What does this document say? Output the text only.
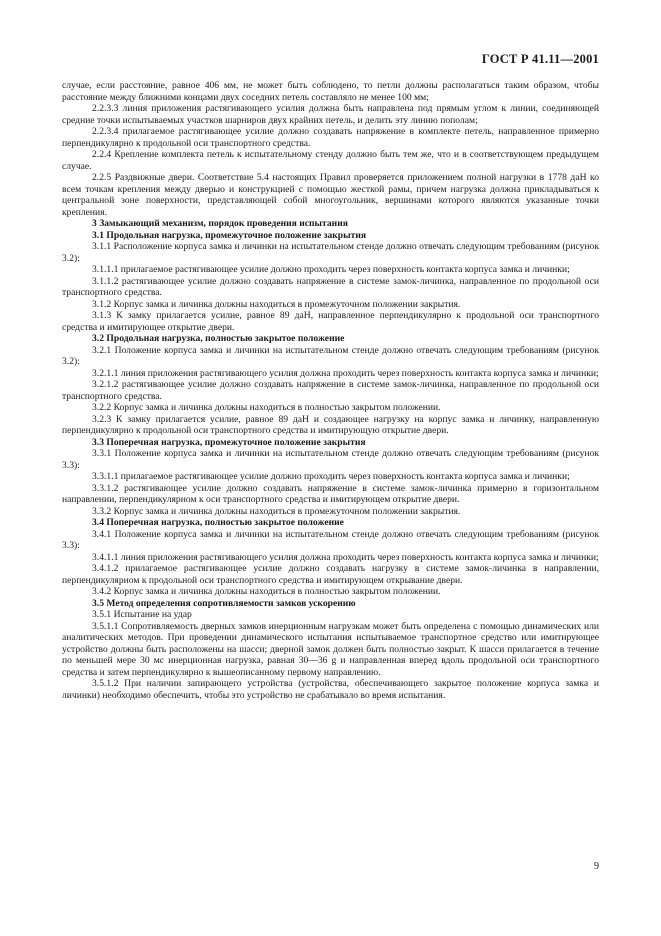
ГОСТ Р 41.11—2001

случае, если расстояние, равное 406 мм, не может быть соблюдено, то петли должны располагаться таким образом, чтобы расстояние между ближними концами двух соседних петель составляло не менее 100 мм;

2.2.3.3 линия приложения растягивающего усилия должна быть направлена под прямым углом к линии, соединяющей средние точки испытываемых участков шарниров двух крайних петель, и делить эту линию пополам;

2.2.3.4 прилагаемое растягивающее усилие должно создавать напряжение в комплекте петель, направленное примерно перпендикулярно к продольной оси транспортного средства.

2.2.4 Крепление комплекта петель к испытательному стенду должно быть тем же, что и в соответствующем предыдущем случае.

2.2.5 Раздвижные двери. Соответствие 5.4 настоящих Правил проверяется приложением полной нагрузки в 1778 даН ко всем точкам крепления между дверью и конструкцией с помощью жесткой рамы, причем нагрузка должна прикладываться к центральной зоне поверхности, представляющей собой многоугольник, вершинами которого являются указанные точки крепления.

3 Замыкающий механизм, порядок проведения испытания

3.1 Продольная нагрузка, промежуточное положение закрытия

3.1.1 Расположение корпуса замка и личинки на испытательном стенде должно отвечать следующим требованиям (рисунок 3.2):

3.1.1.1 прилагаемое растягивающее усилие должно проходить через поверхность контакта корпуса замка и личинки;

3.1.1.2 растягивающее усилие должно создавать напряжение в системе замок-личинка, направленное по продольной оси транспортного средства.

3.1.2 Корпус замка и личинка должны находиться в промежуточном положении закрытия.

3.1.3 К замку прилагается усилие, равное 89 даН, направленное перпендикулярно к продольной оси транспортного средства и имитирующее открытие двери.

3.2 Продольная нагрузка, полностью закрытое положение

3.2.1 Положение корпуса замка и личинки на испытательном стенде должно отвечать следующим требованиям (рисунок 3.2):

3.2.1.1 линия приложения растягивающего усилия должна проходить через поверхность контакта корпуса замка и личинки;

3.2.1.2 растягивающее усилие должно создавать напряжение в системе замок-личинка, направленное по продольной оси транспортного средства.

3.2.2 Корпус замка и личинка должны находиться в полностью закрытом положении.

3.2.3 К замку прилагается усилие, равное 89 даН и создающее нагрузку на корпус замка и личинку, направленную перпендикулярно к продольной оси транспортного средства и имитирующую открытие двери.

3.3 Поперечная нагрузка, промежуточное положение закрытия

3.3.1 Положение корпуса замка и личинки на испытательном стенде должно отвечать следующим требованиям (рисунок 3.3):

3.3.1.1 прилагаемое растягивающее усилие должно проходить через поверхность контакта корпуса замка и личинки;

3.3.1.2 растягивающее усилие должно создавать напряжение в системе замок-личинка примерно в горизонтальном направлении, перпендикулярном к оси транспортного средства и имитирующем открытие двери.

3.3.2 Корпус замка и личинка должны находиться в промежуточном положении закрытия.

3.4 Поперечная нагрузка, полностью закрытое положение

3.4.1 Положение корпуса замка и личинки на испытательном стенде должно отвечать следующим требованиям (рисунок 3.3):

3.4.1.1 линия приложения растягивающего усилия должна проходить через поверхность контакта корпуса замка и личинки;

3.4.1.2 прилагаемое растягивающее усилие должно создавать нагрузку в системе замок-личинка в направлении, перпендикулярном к продольной оси транспортного средства и имитирующем открывание двери.

3.4.2 Корпус замка и личинка должны находиться в полностью закрытом положении.

3.5 Метод определения сопротивляемости замков ускорению

3.5.1 Испытание на удар

3.5.1.1 Сопротивляемость дверных замков инерционным нагрузкам может быть определена с помощью динамических или аналитических методов. При проведении динамического испытания испытываемое транспортное средство или имитирующее устройство должны быть расположены на шасси; дверной замок должен быть полностью закрыт. К шасси прилагается в течение по меньшей мере 30 мс инерционная нагрузка, равная 30—36 g и направленная вперед вдоль продольной оси транспортного средства и затем перпендикулярно к вышеописанному первому направлению.

3.5.1.2 При наличии запирающего устройства (устройства, обеспечивающего закрытое положение корпуса замка и личинки) необходимо обеспечить, чтобы это устройство не срабатывало во время испытания.

9
